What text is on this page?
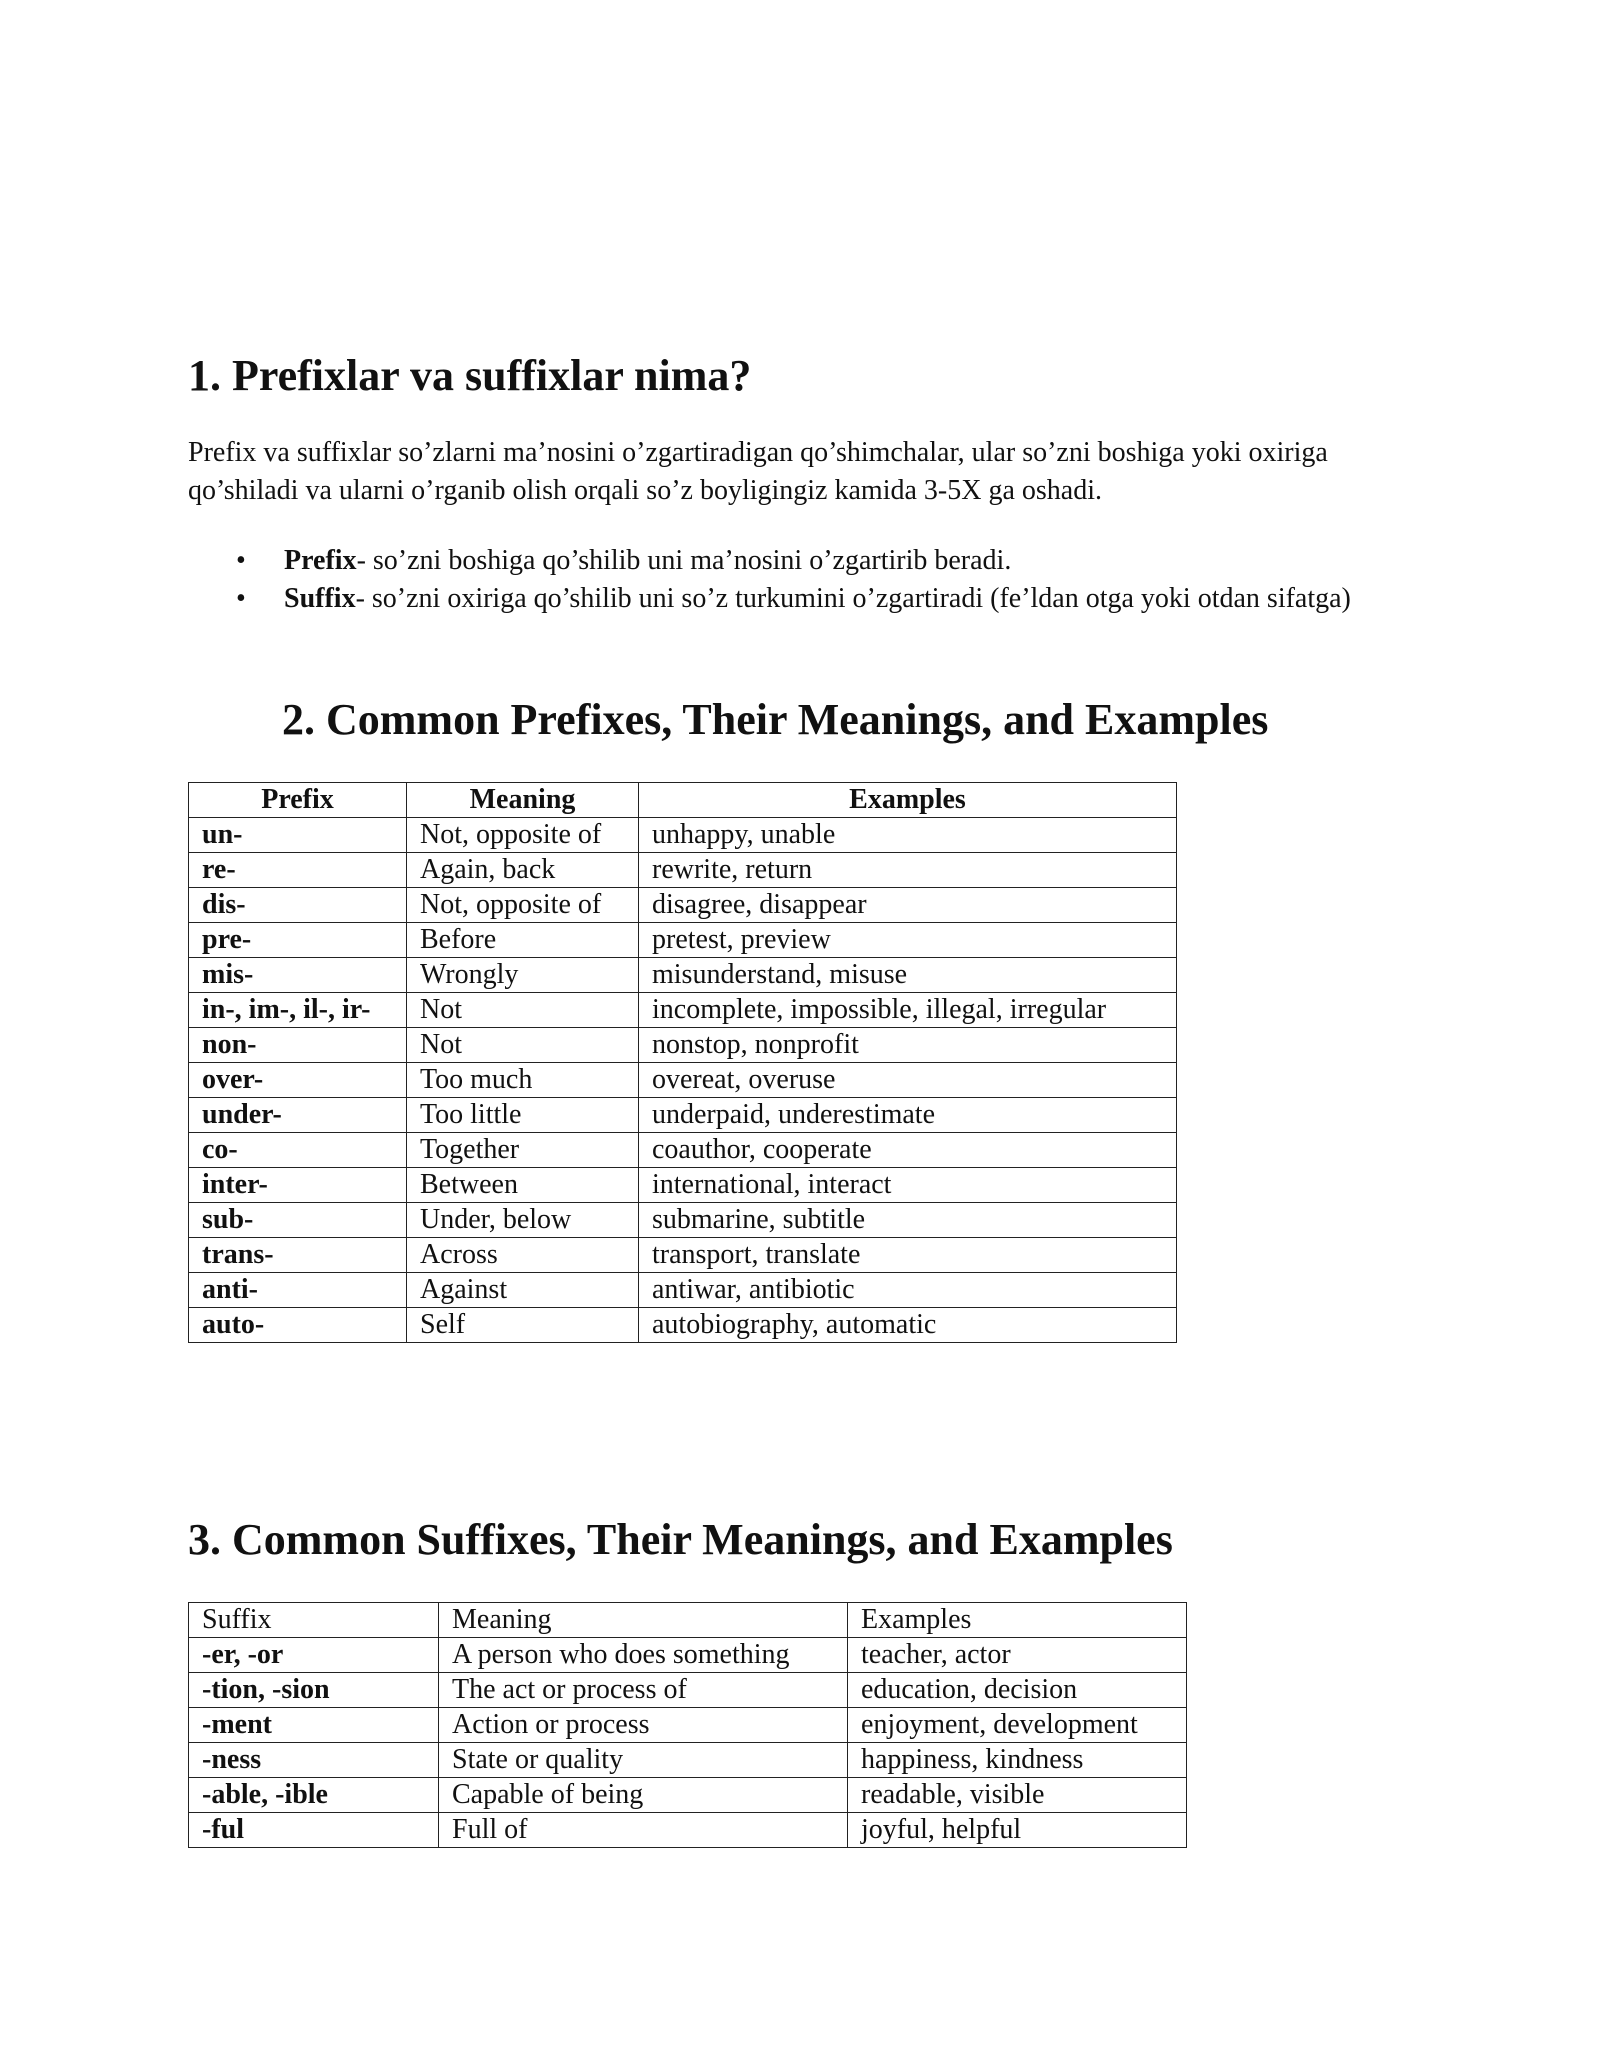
1. Prefixlar va suffixlar nima?

Prefix va suffixlar so’zlarni ma’nosini o’zgartiradigan qo’shimchalar, ular so’zni boshiga yoki oxiriga qo’shiladi va ularni o’rganib olish orqali so’z boyligingiz kamida 3-5X ga oshadi.

• Prefix- so’zni boshiga qo’shilib uni ma’nosini o’zgartirib beradi.
• Suffix- so’zni oxiriga qo’shilib uni so’z turkumini o’zgartiradi (fe’ldan otga yoki otdan sifatga)
2. Common Prefixes, Their Meanings, and Examples
Prefix	Meaning	Examples
un-	Not, opposite of	unhappy, unable
re-	Again, back	rewrite, return
dis-	Not, opposite of	disagree, disappear
pre-	Before	pretest, preview
mis-	Wrongly	misunderstand, misuse
in-, im-, il-, ir-	Not	incomplete, impossible, illegal, irregular
non-	Not	nonstop, nonprofit
over-	Too much	overeat, overuse
under-	Too little	underpaid, underestimate
co-	Together	coauthor, cooperate
inter-	Between	international, interact
sub-	Under, below	submarine, subtitle
trans-	Across	transport, translate
anti-	Against	antiwar, antibiotic
auto-	Self	autobiography, automatic
3. Common Suffixes, Their Meanings, and Examples
Suffix	Meaning	Examples
-er, -or	A person who does something	teacher, actor
-tion, -sion	The act or process of	education, decision
-ment	Action or process	enjoyment, development
-ness	State or quality	happiness, kindness
-able, -ible	Capable of being	readable, visible
-ful	Full of	joyful, helpful
